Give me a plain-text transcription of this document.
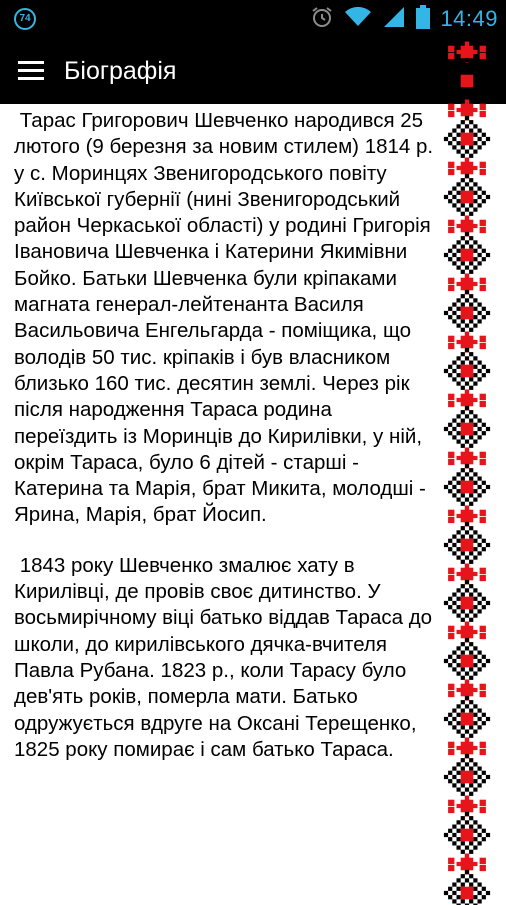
74	14:49
Біографія

Тарас Григорович Шевченко народився 25 лютого (9 березня за новим стилем) 1814 р. у с. Моринцях Звенигородського повіту Київської губернії (нині Звенигородський район Черкаської області) у родині Григорія Івановича Шевченка і Катерини Якимівни Бойко. Батьки Шевченка були кріпаками магната генерал-лейтенанта Василя Васильовича Енгельгарда - поміщика, що володів 50 тис. кріпаків і був власником близько 160 тис. десятин землі. Через рік після народження Тараса родина переїздить із Моринців до Кирилівки, у ній, окрім Тараса, було 6 дітей - старші - Катерина та Марія, брат Микита, молодші - Ярина, Марія, брат Йосип.

1843 року Шевченко змалює хату в Кирилівці, де провів своє дитинство. У восьмирічному віці батько віддав Тараса до школи, до кирилівського дячка-вчителя Павла Рубана. 1823 р., коли Тарасу було дев'ять років, померла мати. Батько одружується вдруге на Оксані Терещенко, 1825 року помирає і сам батько Тараса.
